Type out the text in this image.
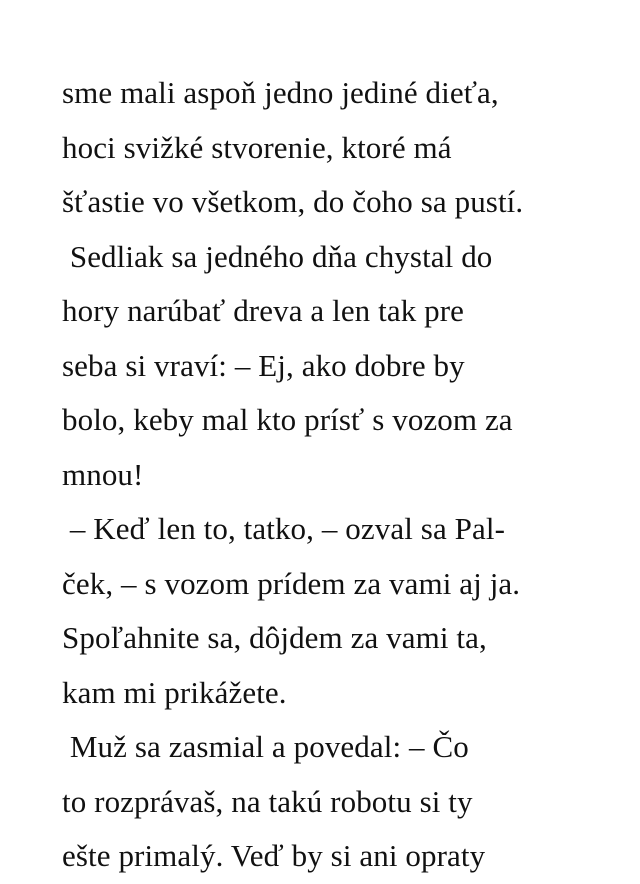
sme mali aspoň jedno jediné dieťa,
hoci svižké stvorenie, ktoré má
šťastie vo všetkom, do čoho sa pustí.
Sedliak sa jedného dňa chystal do
hory narúbať dreva a len tak pre
seba si vraví: – Ej, ako dobre by
bolo, keby mal kto prísť s vozom za
mnou!
– Keď len to, tatko, – ozval sa Pal-
ček, – s vozom prídem za vami aj ja.
Spoľahnite sa, dôjdem za vami ta,
kam mi prikážete.
Muž sa zasmial a povedal: – Čo
to rozprávaš, na takú robotu si ty
ešte primalý. Veď by si ani opraty
